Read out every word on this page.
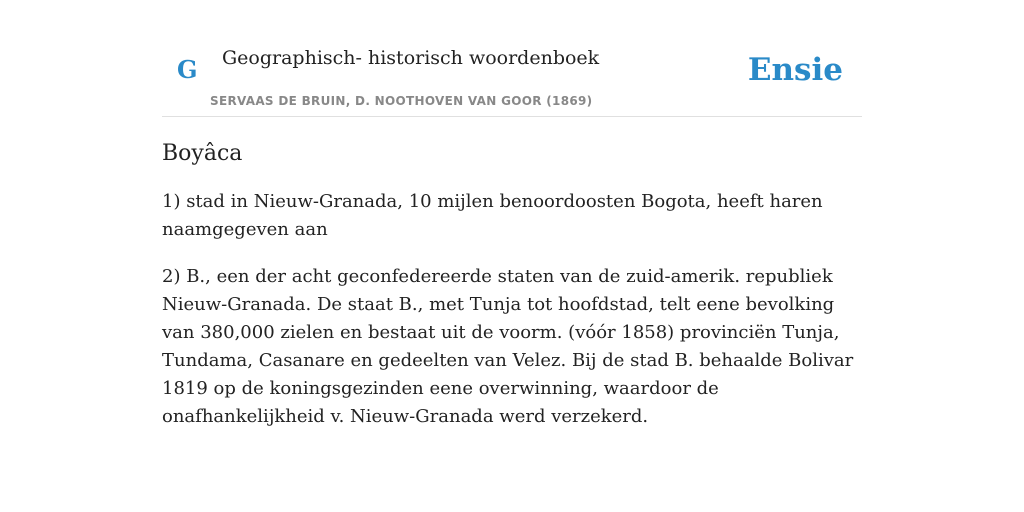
G Geographisch- historisch woordenboek
SERVAAS DE BRUIN, D. NOOTHOVEN VAN GOOR (1869)
Ensie
Boyâca

1) stad in Nieuw-Granada, 10 mijlen benoordoosten Bogota, heeft haren naamgegeven aan

2) B., een der acht geconfedereerde staten van de zuid-amerik. republiek Nieuw-Granada. De staat B., met Tunja tot hoofdstad, telt eene bevolking van 380,000 zielen en bestaat uit de voorm. (vóór 1858) provinciën Tunja, Tundama, Casanare en gedeelten van Velez. Bij de stad B. behaalde Bolivar 1819 op de koningsgezinden eene overwinning, waardoor de onafhankelijkheid v. Nieuw-Granada werd verzekerd.
